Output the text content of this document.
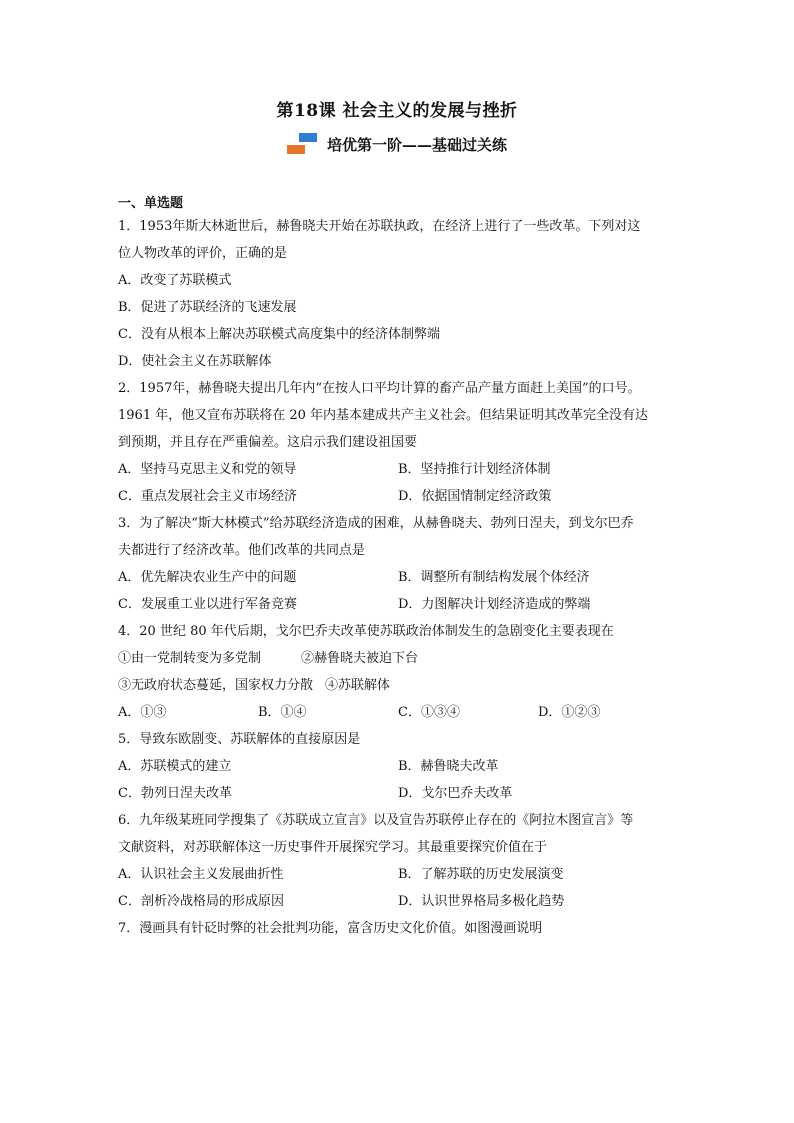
第18课 社会主义的发展与挫折
培优第一阶——基础过关练
一、单选题
1．1953年斯大林逝世后，赫鲁晓夫开始在苏联执政，在经济上进行了一些改革。下列对这
位人物改革的评价，正确的是
A．改变了苏联模式
B．促进了苏联经济的飞速发展
C．没有从根本上解决苏联模式高度集中的经济体制弊端
D．使社会主义在苏联解体
2．1957年，赫鲁晓夫提出几年内“在按人口平均计算的畜产品产量方面赶上美国”的口号。
1961 年，他又宣布苏联将在 20 年内基本建成共产主义社会。但结果证明其改革完全没有达
到预期，并且存在严重偏差。这启示我们建设祖国要
A．坚持马克思主义和党的领导	B．坚持推行计划经济体制
C．重点发展社会主义市场经济	D．依据国情制定经济政策
3．为了解决“斯大林模式”给苏联经济造成的困难，从赫鲁晓夫、勃列日涅夫，到戈尔巴乔
夫都进行了经济改革。他们改革的共同点是
A．优先解决农业生产中的问题	B．调整所有制结构发展个体经济
C．发展重工业以进行军备竞赛	D．力图解决计划经济造成的弊端
4．20 世纪 80 年代后期，戈尔巴乔夫改革使苏联政治体制发生的急剧变化主要表现在
①由一党制转变为多党制	②赫鲁晓夫被迫下台
③无政府状态蔓延，国家权力分散 ④苏联解体
A．①③	B．①④	C．①③④	D．①②③
5．导致东欧剧变、苏联解体的直接原因是
A．苏联模式的建立	B．赫鲁晓夫改革
C．勃列日涅夫改革	D．戈尔巴乔夫改革
6．九年级某班同学搜集了《苏联成立宣言》以及宣告苏联停止存在的《阿拉木图宣言》等
文献资料，对苏联解体这一历史事件开展探究学习。其最重要探究价值在于
A．认识社会主义发展曲折性	B．了解苏联的历史发展演变
C．剖析冷战格局的形成原因	D．认识世界格局多极化趋势
7．漫画具有针砭时弊的社会批判功能，富含历史文化价值。如图漫画说明
